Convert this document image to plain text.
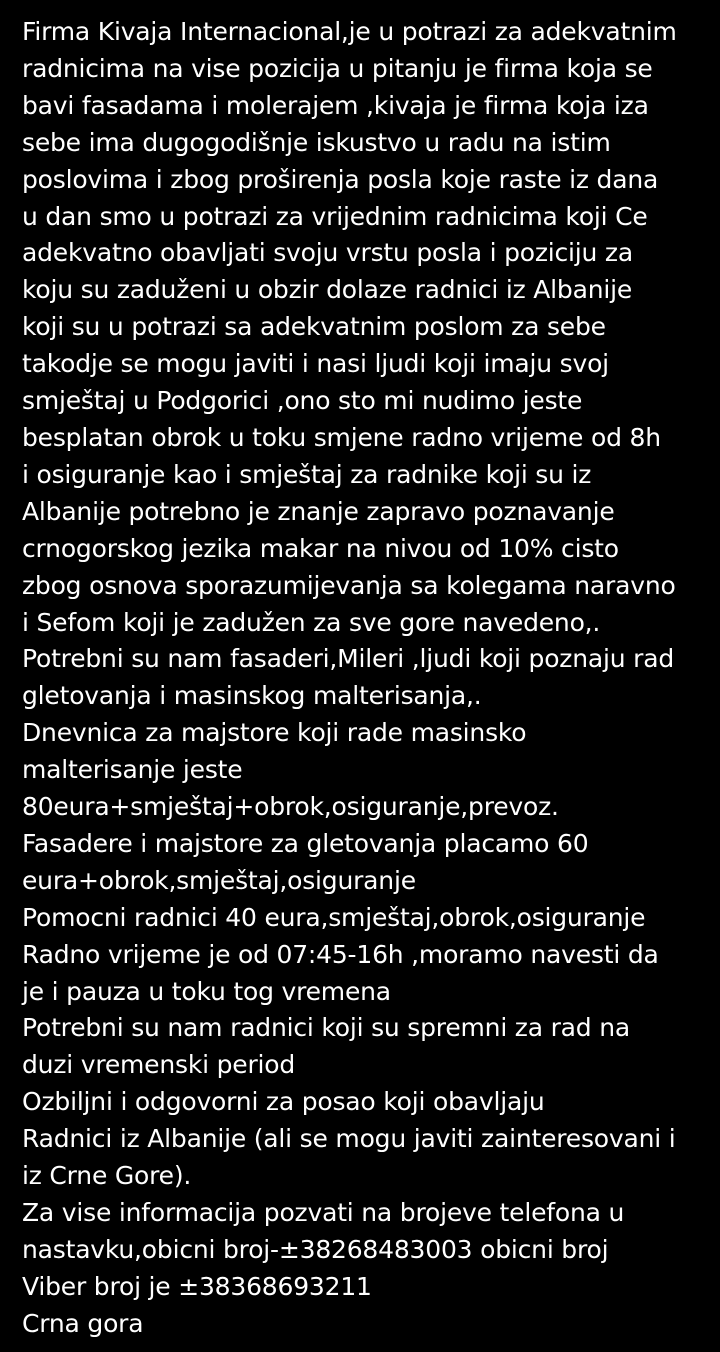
Firma Kivaja Internacional,je u potrazi za adekvatnim
radnicima na vise pozicija u pitanju je firma koja se
bavi fasadama i molerajem ,kivaja je firma koja iza
sebe ima dugogodišnje iskustvo u radu na istim
poslovima i zbog proširenja posla koje raste iz dana
u dan smo u potrazi za vrijednim radnicima koji Ce
adekvatno obavljati svoju vrstu posla i poziciju za
koju su zaduženi u obzir dolaze radnici iz Albanije
koji su u potrazi sa adekvatnim poslom za sebe
takodje se mogu javiti i nasi ljudi koji imaju svoj
smještaj u Podgorici ,ono sto mi nudimo jeste
besplatan obrok u toku smjene radno vrijeme od 8h
i osiguranje kao i smještaj za radnike koji su iz
Albanije potrebno je znanje zapravo poznavanje
crnogorskog jezika makar na nivou od 10% cisto
zbog osnova sporazumijevanja sa kolegama naravno
i Sefom koji je zadužen za sve gore navedeno,.
Potrebni su nam fasaderi,Mileri ,ljudi koji poznaju rad
gletovanja i masinskog malterisanja,.
Dnevnica za majstore koji rade masinsko
malterisanje jeste
80eura+smještaj+obrok,osiguranje,prevoz.
Fasadere i majstore za gletovanja placamo 60
eura+obrok,smještaj,osiguranje
Pomocni radnici 40 eura,smještaj,obrok,osiguranje
Radno vrijeme je od 07:45-16h ,moramo navesti da
je i pauza u toku tog vremena
Potrebni su nam radnici koji su spremni za rad na
duzi vremenski period
Ozbiljni i odgovorni za posao koji obavljaju
Radnici iz Albanije (ali se mogu javiti zainteresovani i
iz Crne Gore).
Za vise informacija pozvati na brojeve telefona u
nastavku,obicni broj-±38268483003 obicni broj
Viber broj je ±38368693211
Crna gora
